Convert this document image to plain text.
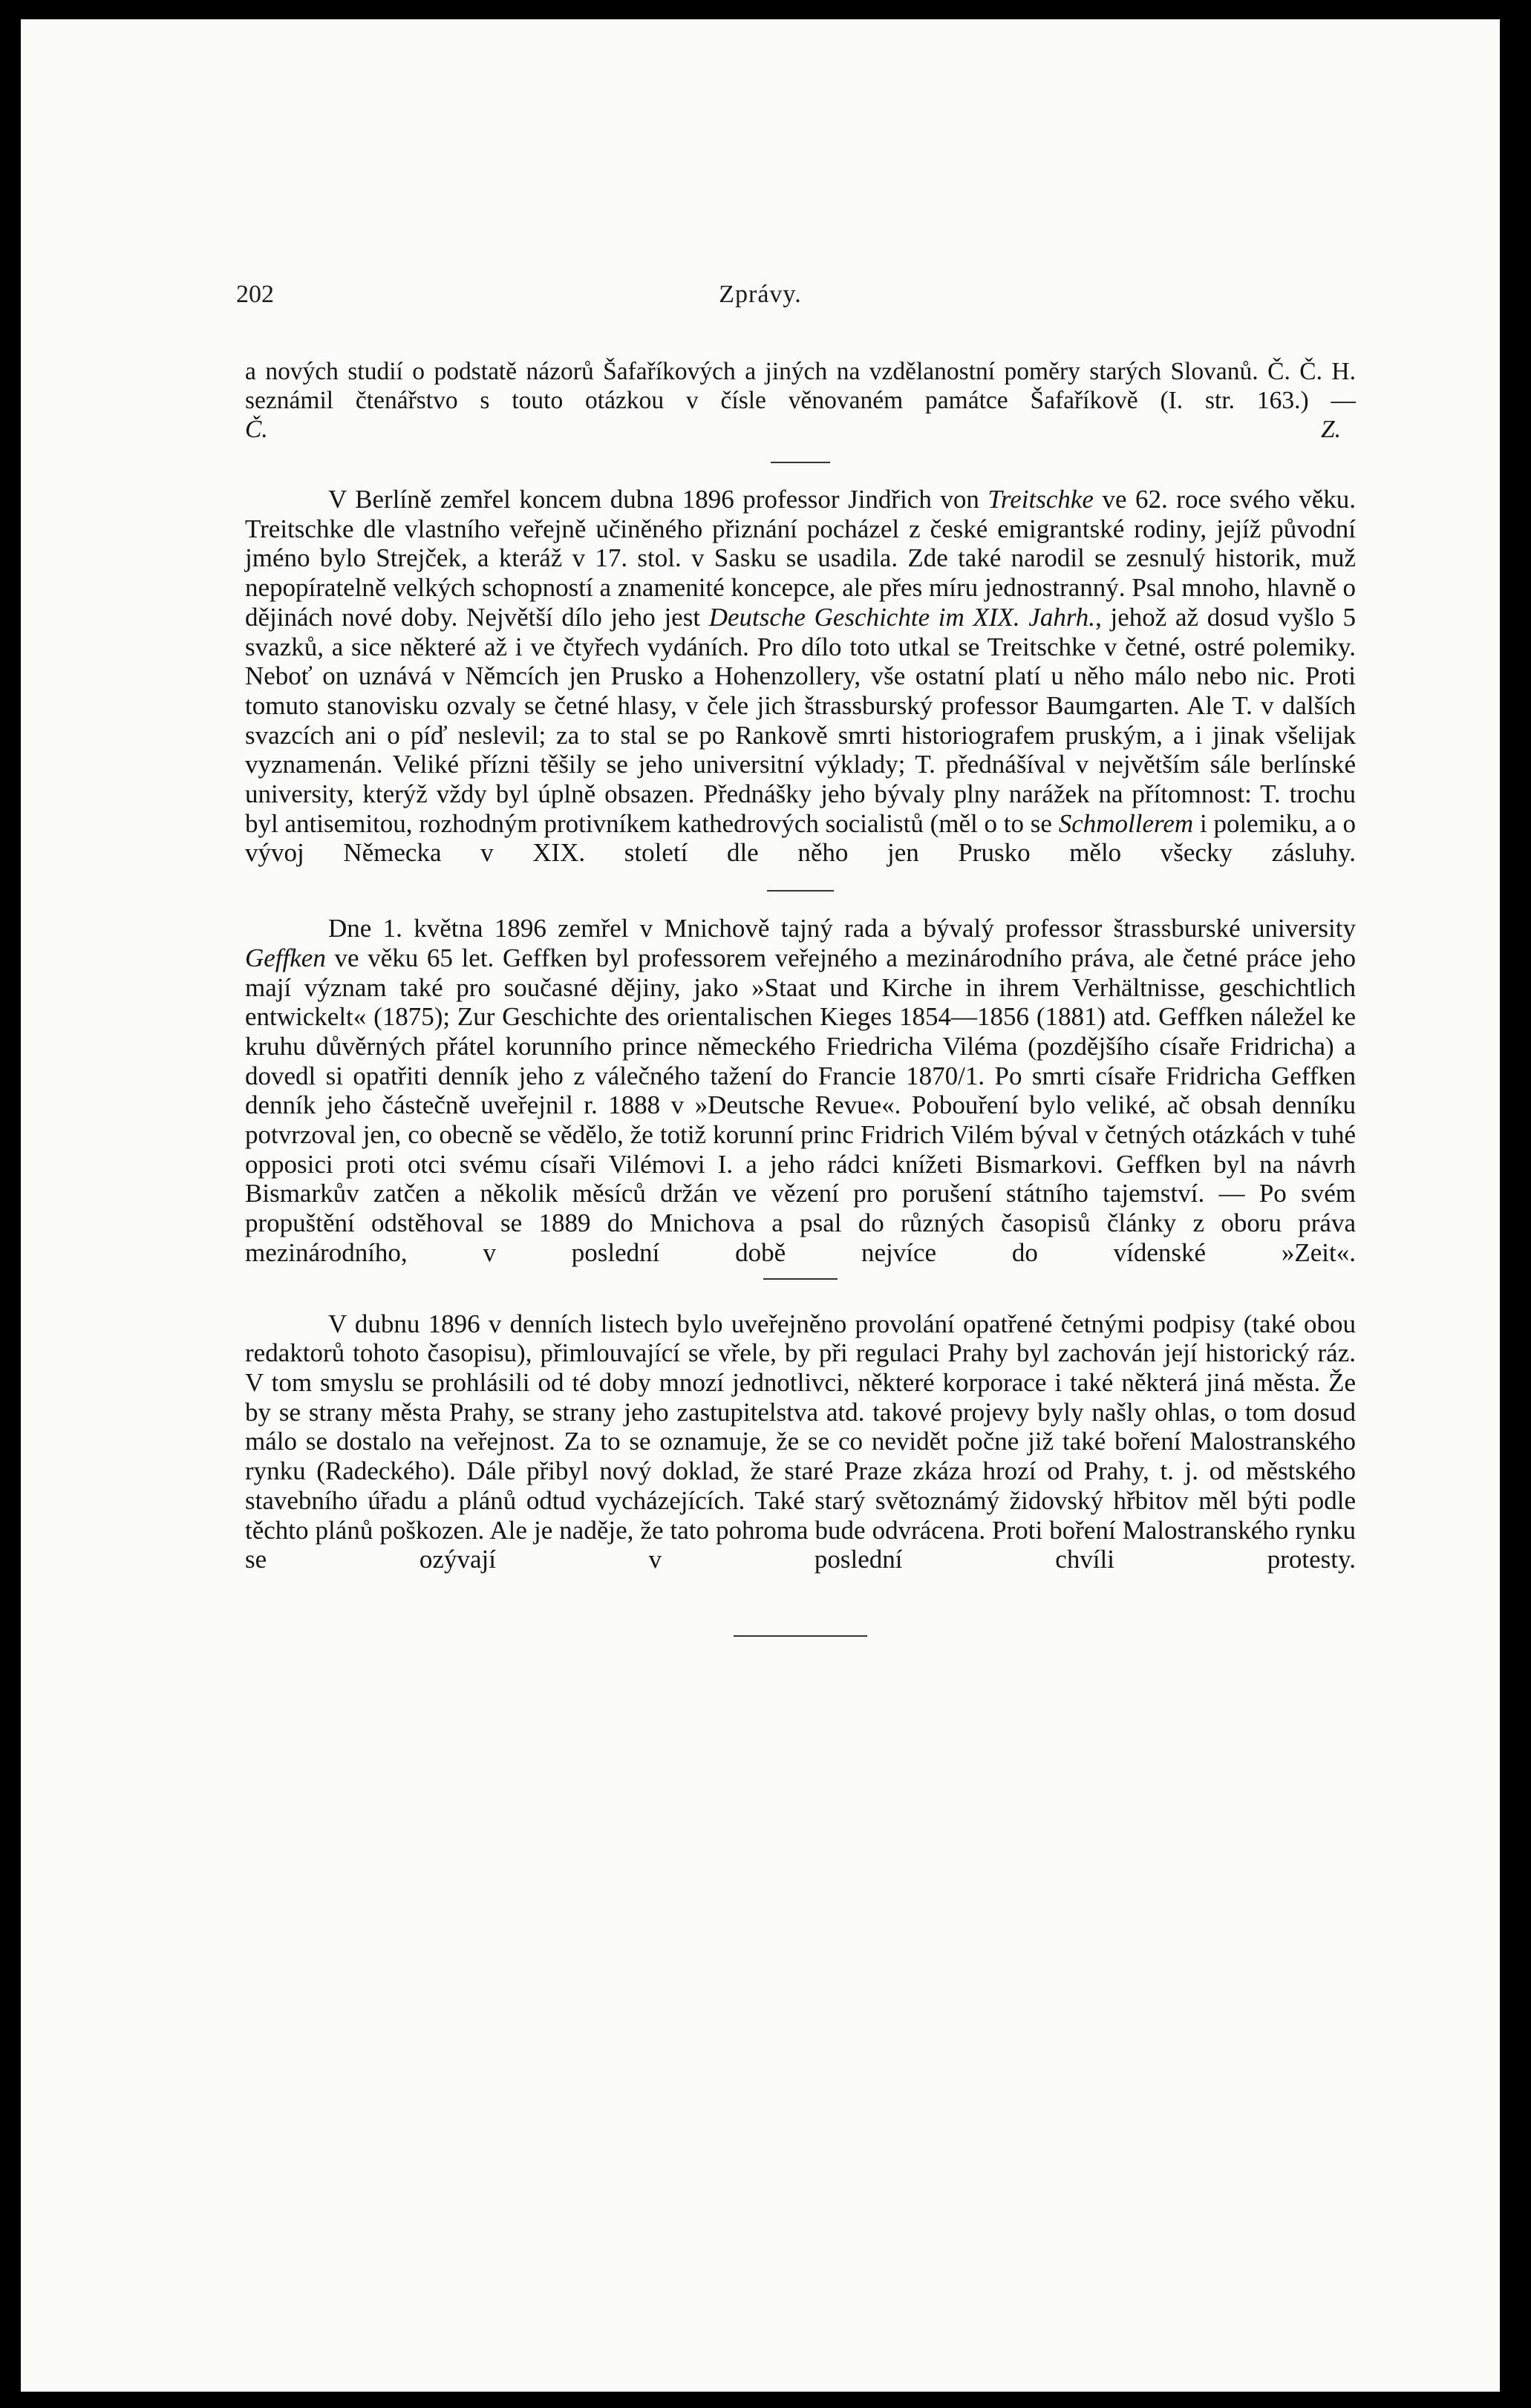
202	Zprávy.

a nových studií o podstatě názorů Šafaříkových a jiných na vzdělanostní poměry starých Slovanů. Č. Č. H. seznámil čtenářstvo s touto otázkou v čísle věnovaném památce Šafaříkově (I. str. 163.) —

Č. Z.

V Berlíně zemřel koncem dubna 1896 professor Jindřich von Treitschke ve 62. roce svého věku. Treitschke dle vlastního veřejně učiněného přiznání pocházel z české emigrantské rodiny, jejíž původní jméno bylo Strejček, a kteráž v 17. stol. v Sasku se usadila. Zde také narodil se zesnulý historik, muž nepopíratelně velkých schopností a znamenité koncepce, ale přes míru jednostranný. Psal mnoho, hlavně o dějinách nové doby. Největší dílo jeho jest Deutsche Geschichte im XIX. Jahrh., jehož až dosud vyšlo 5 svazků, a sice některé až i ve čtyřech vydáních. Pro dílo toto utkal se Treitschke v četné, ostré polemiky. Neboť on uznává v Němcích jen Prusko a Hohenzollery, vše ostatní platí u něho málo nebo nic. Proti tomuto stanovisku ozvaly se četné hlasy, v čele jich štrassburský professor Baumgarten. Ale T. v dalších svazcích ani o píď neslevil; za to stal se po Rankově smrti historiografem pruským, a i jinak všelijak vyznamenán. Veliké přízni těšily se jeho universitní výklady; T. přednášíval v největším sále berlínské university, kterýž vždy byl úplně obsazen. Přednášky jeho bývaly plny narážek na přítomnost: T. trochu byl antisemitou, rozhodným protivníkem kathedrových socialistů (měl o to se Schmollerem i polemiku, a o vývoj Německa v XIX. století dle něho jen Prusko mělo všecky zásluhy.

Dne 1. května 1896 zemřel v Mnichově tajný rada a bývalý professor štrassburské university Geffken ve věku 65 let. Geffken byl professorem veřejného a mezinárodního práva, ale četné práce jeho mají význam také pro současné dějiny, jako »Staat und Kirche in ihrem Verhältnisse, geschichtlich entwickelt« (1875); Zur Geschichte des orientalischen Kieges 1854—1856 (1881) atd. Geffken náležel ke kruhu důvěrných přátel korunního prince německého Friedricha Viléma (pozdějšího císaře Fridricha) a dovedl si opatřiti denník jeho z válečného tažení do Francie 1870/1. Po smrti císaře Fridricha Geffken denník jeho částečně uveřejnil r. 1888 v »Deutsche Revue«. Pobouření bylo veliké, ač obsah denníku potvrzoval jen, co obecně se vědělo, že totiž korunní princ Fridrich Vilém býval v četných otázkách v tuhé opposici proti otci svému císaři Vilémovi I. a jeho rádci knížeti Bismarkovi. Geffken byl na návrh Bismarkův zatčen a několik měsíců držán ve vězení pro porušení státního tajemství. — Po svém propuštění odstěhoval se 1889 do Mnichova a psal do různých časopisů články z oboru práva mezinárodního, v poslední době nejvíce do vídenské »Zeit«.

V dubnu 1896 v denních listech bylo uveřejněno provolání opatřené četnými podpisy (také obou redaktorů tohoto časopisu), přimlouvající se vřele, by při regulaci Prahy byl zachován její historický ráz. V tom smyslu se prohlásili od té doby mnozí jednotlivci, některé korporace i také některá jiná města. Že by se strany města Prahy, se strany jeho zastupitelstva atd. takové projevy byly našly ohlas, o tom dosud málo se dostalo na veřejnost. Za to se oznamuje, že se co nevidět počne již také boření Malostranského rynku (Radeckého). Dále přibyl nový doklad, že staré Praze zkáza hrozí od Prahy, t. j. od městského stavebního úřadu a plánů odtud vycházejících. Také starý světoznámý židovský hřbitov měl býti podle těchto plánů poškozen. Ale je naděje, že tato pohroma bude odvrácena. Proti boření Malostranského rynku se ozývají v poslední chvíli protesty.
